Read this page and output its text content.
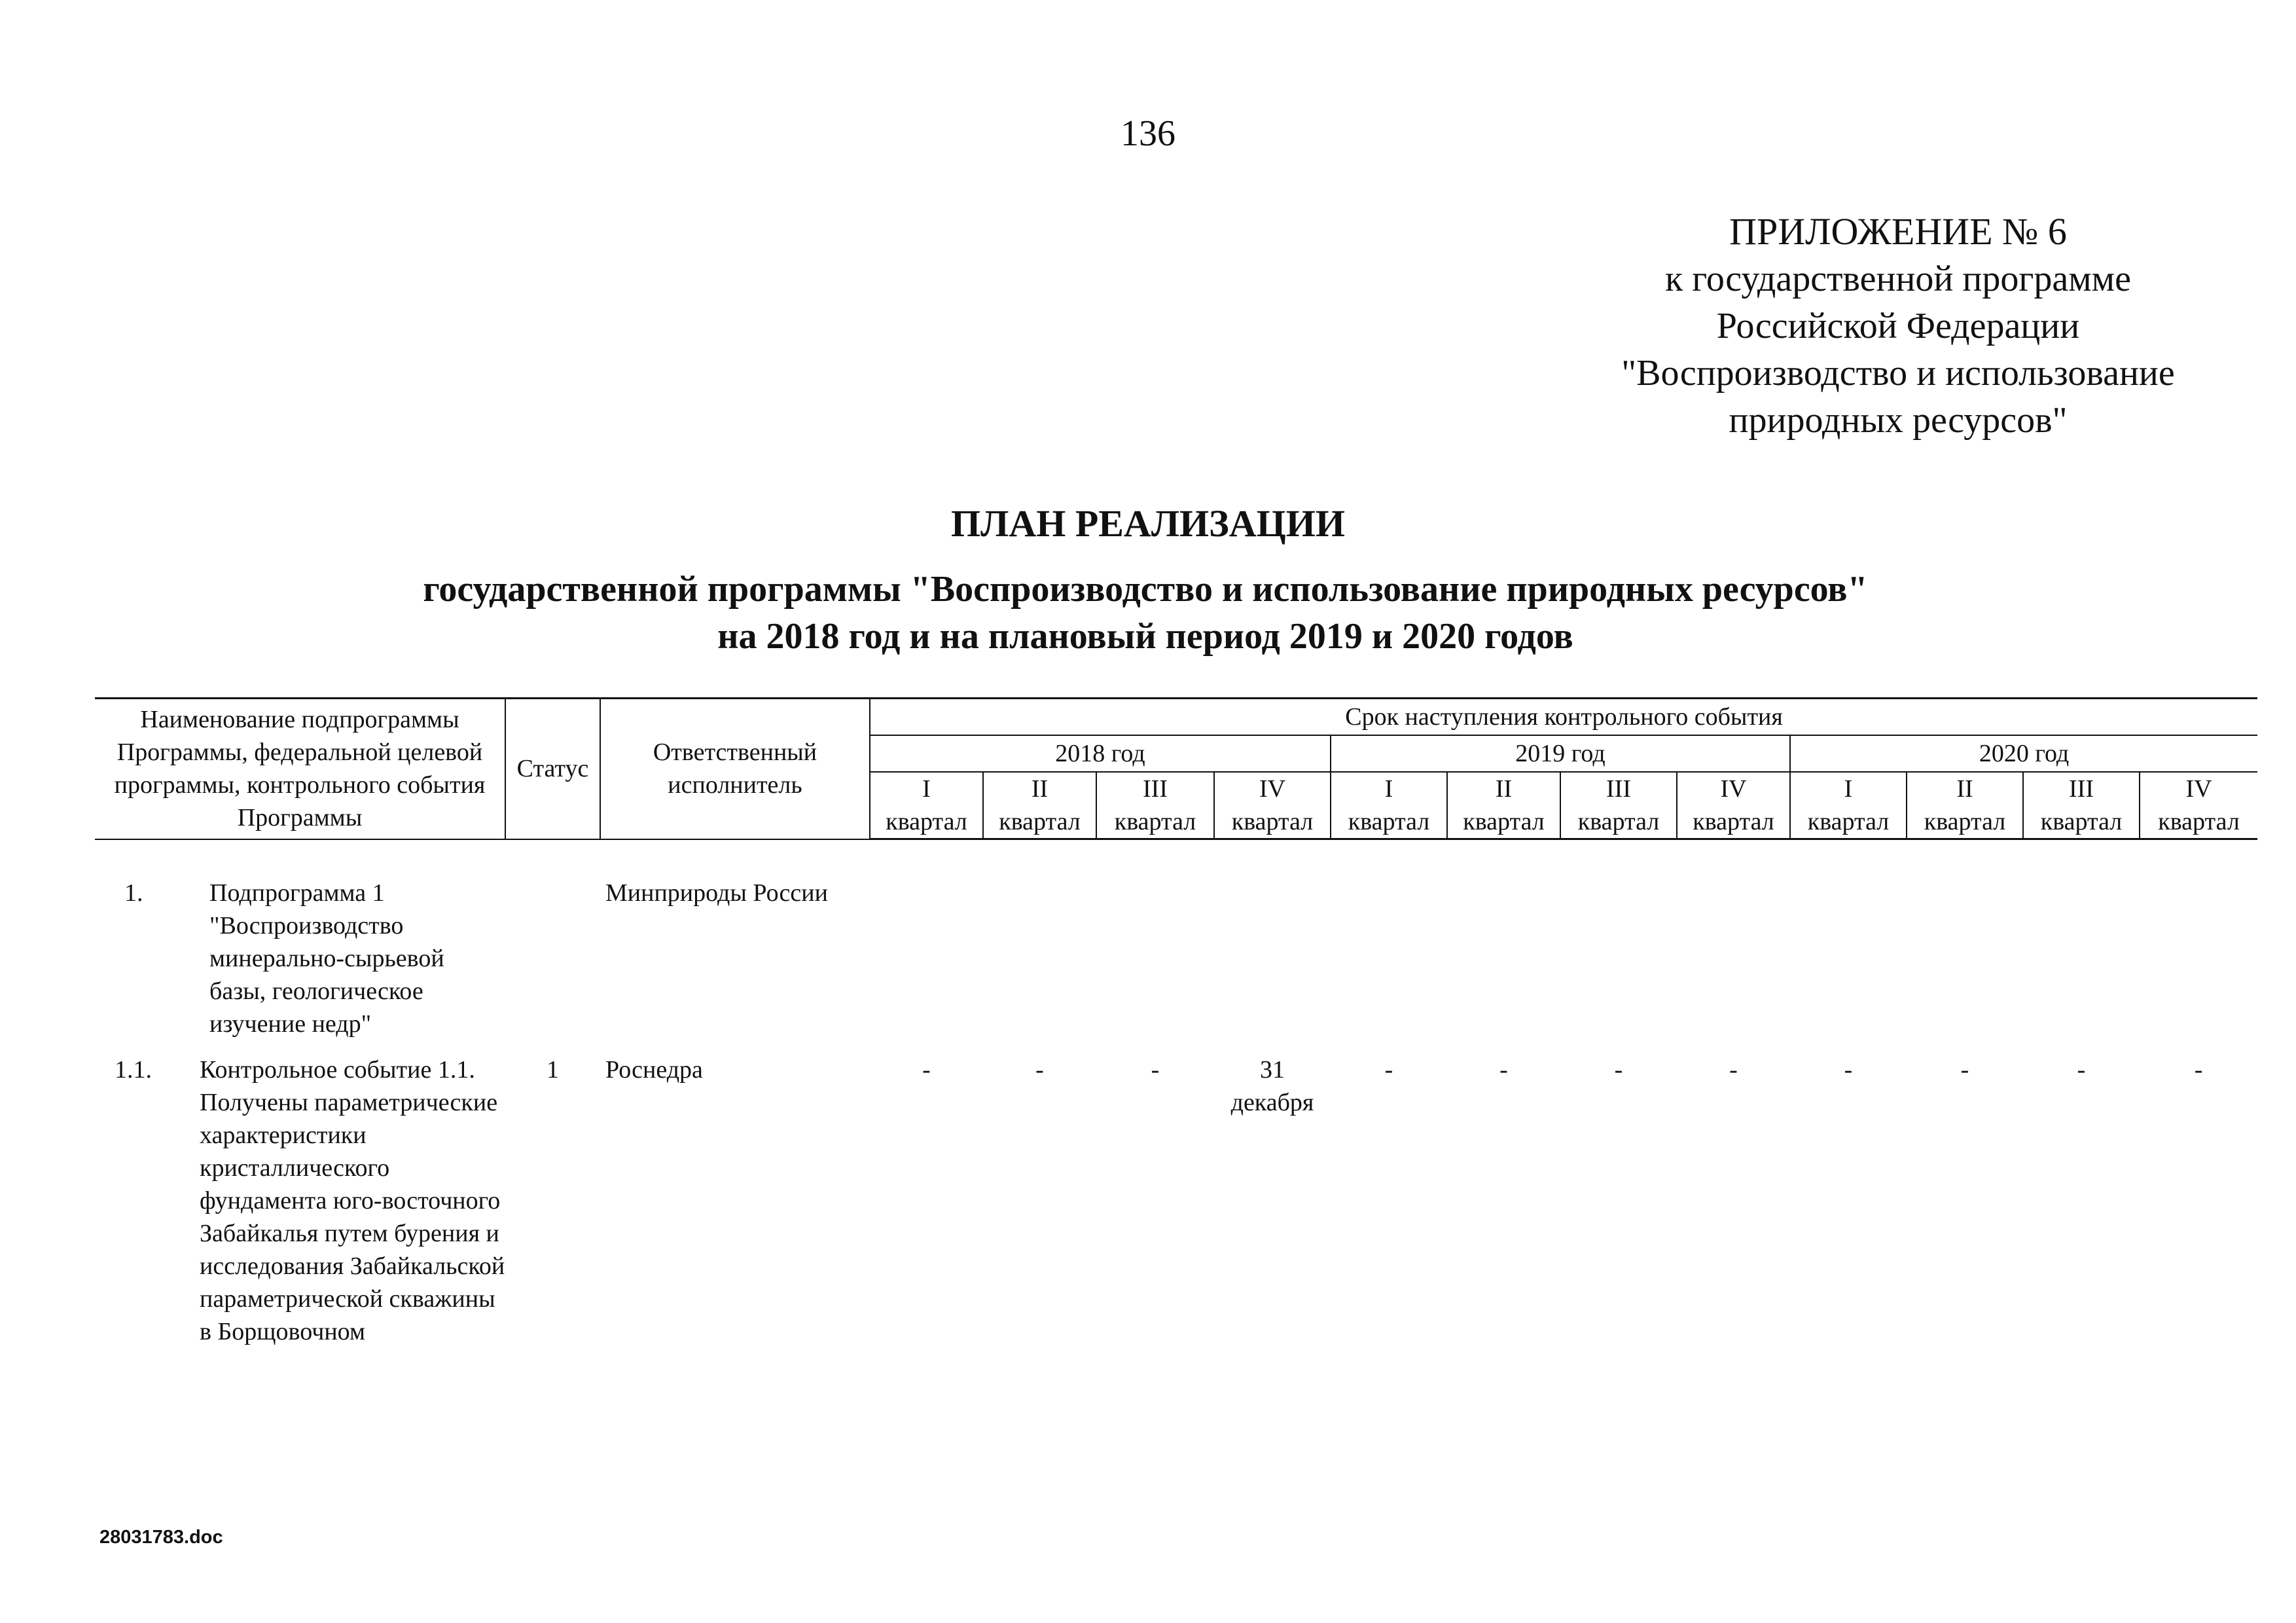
136
ПРИЛОЖЕНИЕ № 6
к государственной программе
Российской Федерации
"Воспроизводство и использование
природных ресурсов"
ПЛАН РЕАЛИЗАЦИИ
государственной программы "Воспроизводство и использование природных ресурсов"
на 2018 год и на плановый период 2019 и 2020 годов
Наименование подпрограммы Программы, федеральной целевой программы, контрольного события Программы	Статус	Ответственный исполнитель	Срок наступления контрольного события											
			2018 год				2019 год				2020 год			
			I	II	III	IV	I	II	III	IV	I	II	III	IV
			квартал	квартал	квартал	квартал	квартал	квартал	квартал	квартал	квартал	квартал	квартал	квартал

1. Подпрограмма 1 "Воспроизводство минерально-сырьевой базы, геологическое изучение недр"		Минприроды России												

1.1. Контрольное событие 1.1. Получены параметрические характеристики кристаллического фундамента юго-восточного Забайкалья путем бурения и исследования Забайкальской параметрической скважины в Борщовочном	1	Роснедра	-	-	-	31 декабря	-	-	-	-	-	-	-	-
28031783.doc
